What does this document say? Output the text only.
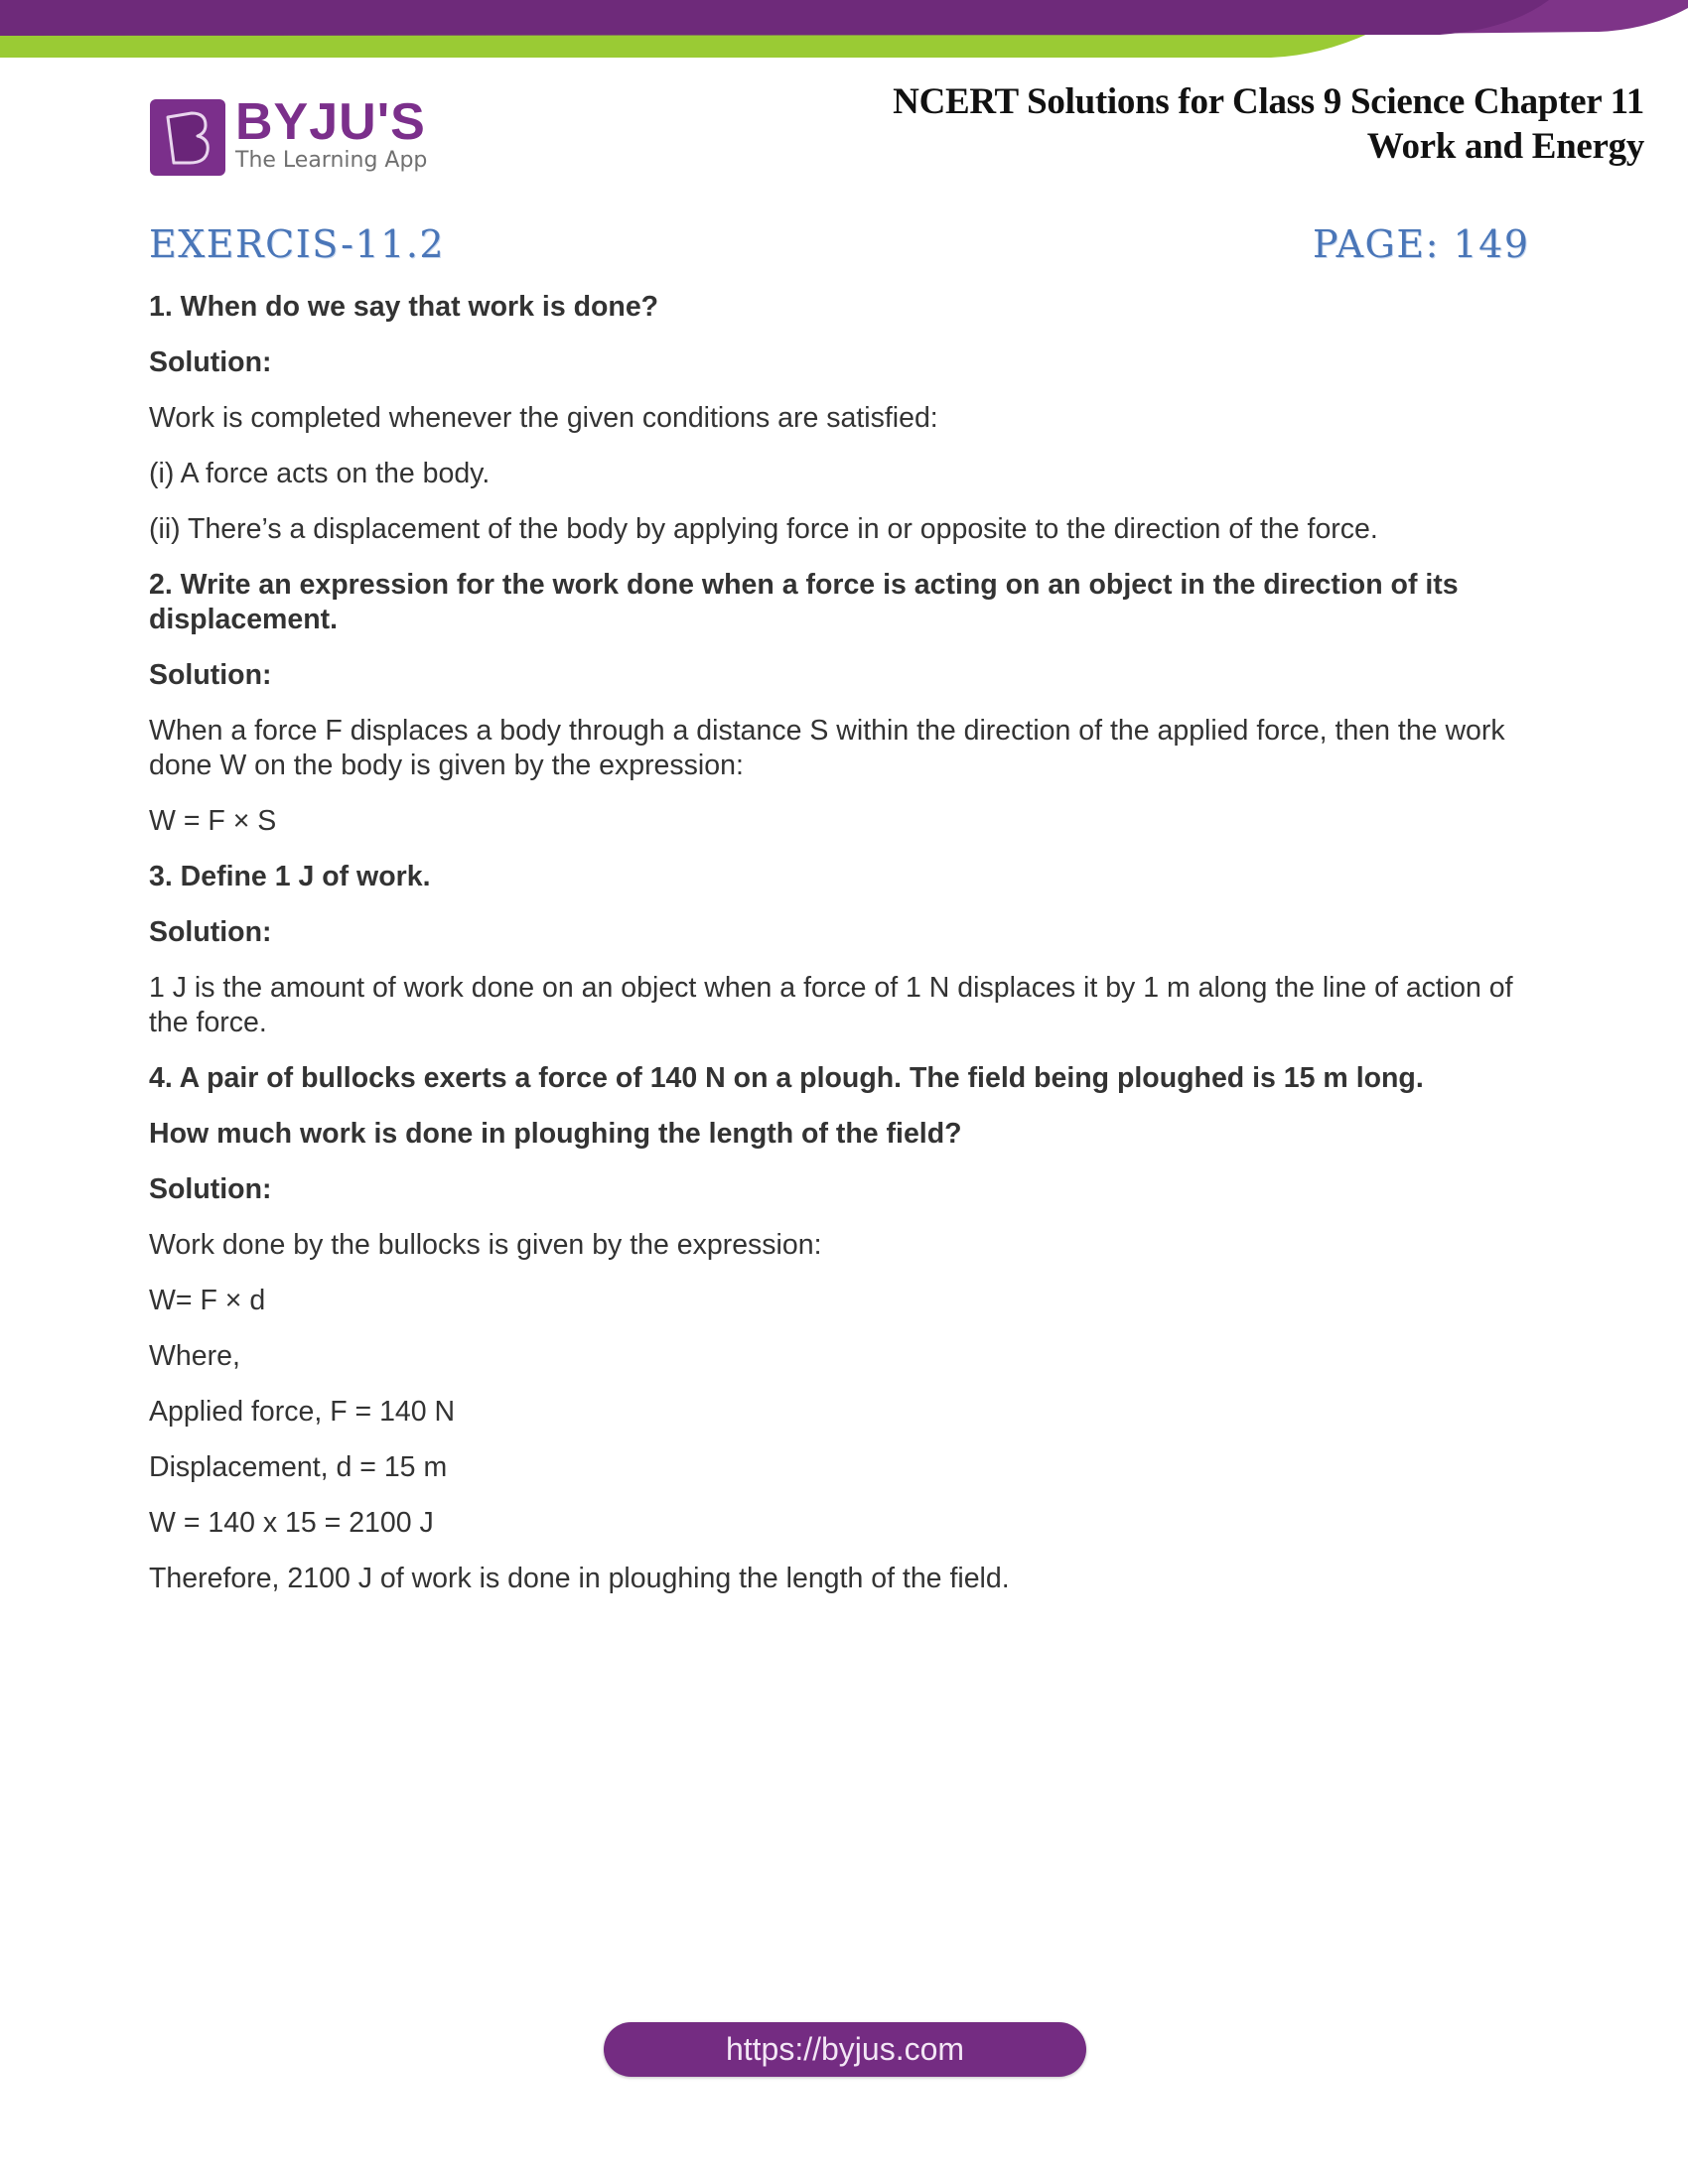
BYJU'S
The Learning App
NCERT Solutions for Class 9 Science Chapter 11
Work and Energy
EXERCIS-11.2	PAGE: 149

1. When do we say that work is done?

Solution:

Work is completed whenever the given conditions are satisfied:

(i) A force acts on the body.

(ii) There’s a displacement of the body by applying force in or opposite to the direction of the force.

2. Write an expression for the work done when a force is acting on an object in the direction of its displacement.

Solution:

When a force F displaces a body through a distance S within the direction of the applied force, then the work done W on the body is given by the expression:

W = F × S

3. Define 1 J of work.

Solution:

1 J is the amount of work done on an object when a force of 1 N displaces it by 1 m along the line of action of the force.

4. A pair of bullocks exerts a force of 140 N on a plough. The field being ploughed is 15 m long.

How much work is done in ploughing the length of the field?

Solution:

Work done by the bullocks is given by the expression:

W= F × d

Where,

Applied force, F = 140 N

Displacement, d = 15 m

W = 140 x 15 = 2100 J

Therefore, 2100 J of work is done in ploughing the length of the field.

https://byjus.com
